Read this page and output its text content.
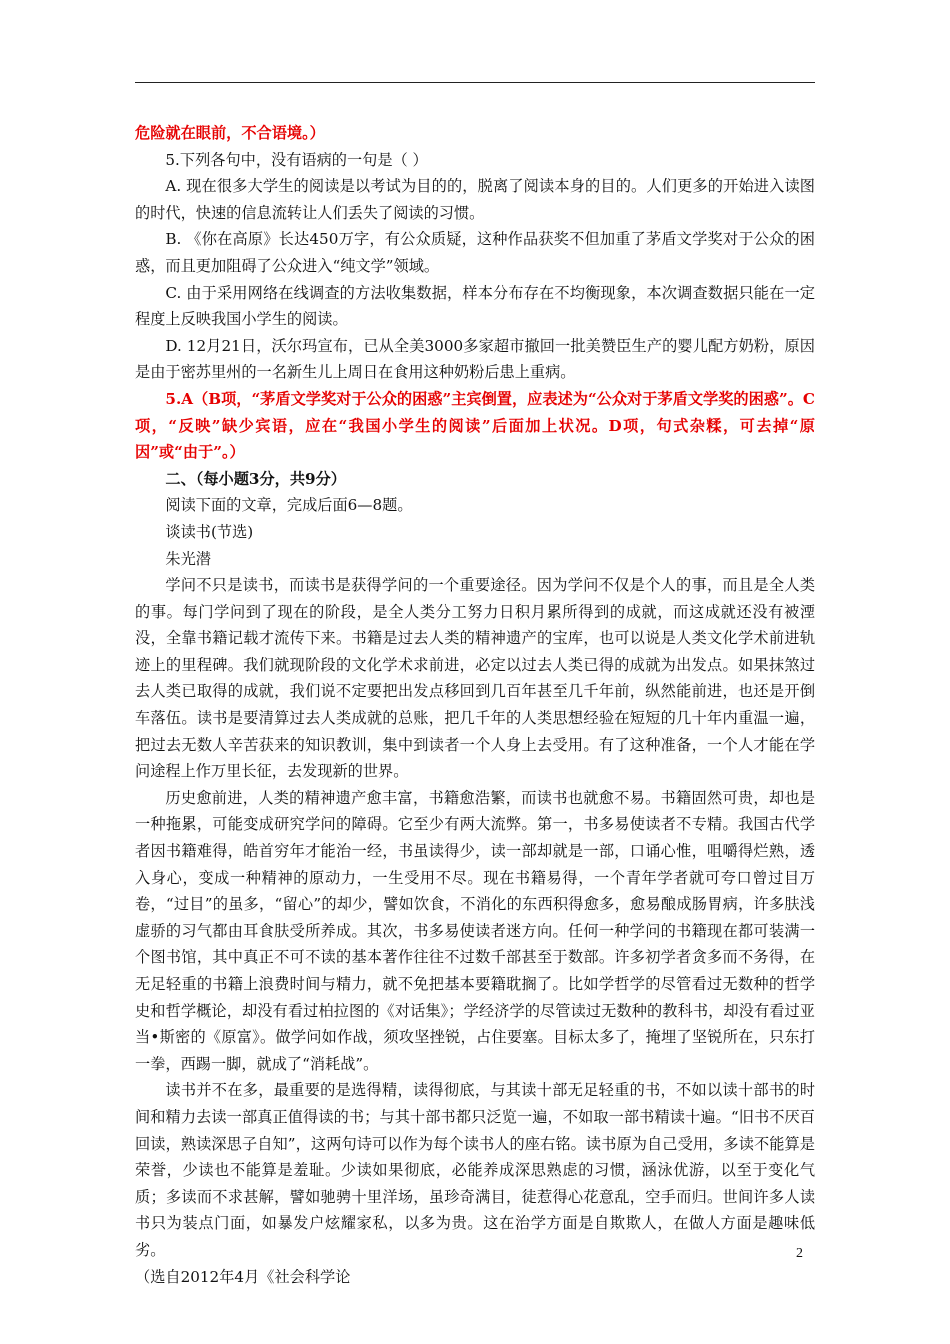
危险就在眼前，不合语境。）

5.下列各句中，没有语病的一句是（ ）

A. 现在很多大学生的阅读是以考试为目的的，脱离了阅读本身的目的。人们更多的开始进入读图的时代，快速的信息流转让人们丢失了阅读的习惯。

B. 《你在高原》长达450万字，有公众质疑，这种作品获奖不但加重了茅盾文学奖对于公众的困惑，而且更加阻碍了公众进入“纯文学”领域。

C. 由于采用网络在线调查的方法收集数据，样本分布存在不均衡现象，本次调查数据只能在一定程度上反映我国小学生的阅读。

D. 12月21日，沃尔玛宣布，已从全美3000多家超市撤回一批美赞臣生产的婴儿配方奶粉，原因是由于密苏里州的一名新生儿上周日在食用这种奶粉后患上重病。

5.A（B项，“茅盾文学奖对于公众的困惑”主宾倒置，应表述为“公众对于茅盾文学奖的困惑”。C项，“反映”缺少宾语，应在“我国小学生的阅读”后面加上状况。D项，句式杂糅，可去掉“原因”或“由于”。）

二、（每小题3分，共9分）

阅读下面的文章，完成后面6—8题。

谈读书(节选)

朱光潜

学问不只是读书，而读书是获得学问的一个重要途径。因为学问不仅是个人的事，而且是全人类的事。每门学问到了现在的阶段，是全人类分工努力日积月累所得到的成就，而这成就还没有被湮没，全靠书籍记载才流传下来。书籍是过去人类的精神遗产的宝库，也可以说是人类文化学术前进轨迹上的里程碑。我们就现阶段的文化学术求前进，必定以过去人类已得的成就为出发点。如果抹煞过去人类已取得的成就，我们说不定要把出发点移回到几百年甚至几千年前，纵然能前进，也还是开倒车落伍。读书是要清算过去人类成就的总账，把几千年的人类思想经验在短短的几十年内重温一遍，把过去无数人辛苦获来的知识教训，集中到读者一个人身上去受用。有了这种准备，一个人才能在学问途程上作万里长征，去发现新的世界。

历史愈前进，人类的精神遗产愈丰富，书籍愈浩繁，而读书也就愈不易。书籍固然可贵，却也是一种拖累，可能变成研究学问的障碍。它至少有两大流弊。第一，书多易使读者不专精。我国古代学者因书籍难得，皓首穷年才能治一经，书虽读得少，读一部却就是一部，口诵心惟，咀嚼得烂熟，透入身心，变成一种精神的原动力，一生受用不尽。现在书籍易得，一个青年学者就可夸口曾过目万卷，“过目”的虽多，“留心”的却少，譬如饮食，不消化的东西积得愈多，愈易酿成肠胃病，许多肤浅虚骄的习气都由耳食肤受所养成。其次，书多易使读者迷方向。任何一种学问的书籍现在都可装满一个图书馆，其中真正不可不读的基本著作往往不过数千部甚至于数部。许多初学者贪多而不务得，在无足轻重的书籍上浪费时间与精力，就不免把基本要籍耽搁了。比如学哲学的尽管看过无数种的哲学史和哲学概论，却没有看过柏拉图的《对话集》；学经济学的尽管读过无数种的教科书，却没有看过亚当•斯密的《原富》。做学问如作战，须攻坚挫锐，占住要塞。目标太多了，掩埋了坚锐所在，只东打一拳，西踢一脚，就成了“消耗战”。

读书并不在多，最重要的是选得精，读得彻底，与其读十部无足轻重的书，不如以读十部书的时间和精力去读一部真正值得读的书；与其十部书都只泛览一遍，不如取一部书精读十遍。“旧书不厌百回读，熟读深思子自知”，这两句诗可以作为每个读书人的座右铭。读书原为自己受用，多读不能算是荣誉，少读也不能算是羞耻。少读如果彻底，必能养成深思熟虑的习惯，涵泳优游，以至于变化气质；多读而不求甚解，譬如驰骋十里洋场，虽珍奇满目，徒惹得心花意乱，空手而归。世间许多人读书只为装点门面，如暴发户炫耀家私，以多为贵。这在治学方面是自欺欺人，在做人方面是趣味低劣。

（选自2012年4月《社会科学论

2
